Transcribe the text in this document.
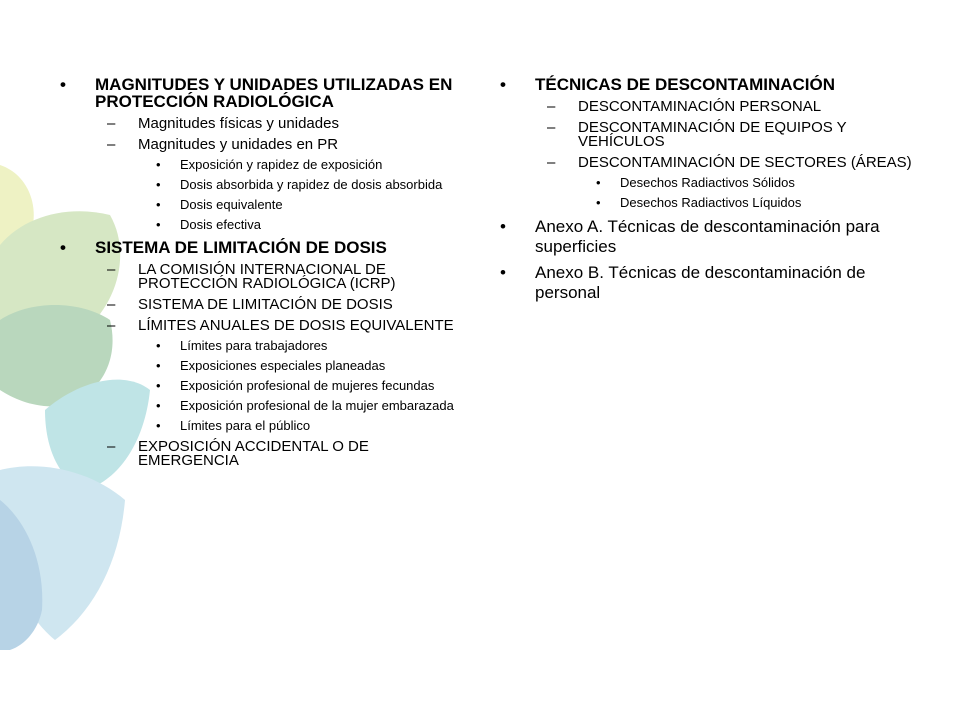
• MAGNITUDES Y UNIDADES UTILIZADAS EN PROTECCIÓN RADIOLÓGICA
– Magnitudes físicas y unidades
– Magnitudes y unidades en PR
• Exposición y rapidez de exposición
• Dosis absorbida y rapidez de dosis absorbida
• Dosis equivalente
• Dosis efectiva
• SISTEMA DE LIMITACIÓN DE DOSIS
– LA COMISIÓN INTERNACIONAL DE PROTECCIÓN RADIOLÓGICA (ICRP)
– SISTEMA DE LIMITACIÓN DE DOSIS
– LÍMITES ANUALES DE DOSIS EQUIVALENTE
• Límites para trabajadores
• Exposiciones especiales planeadas
• Exposición profesional de mujeres fecundas
• Exposición profesional de la mujer embarazada
• Límites para el público
– EXPOSICIÓN ACCIDENTAL O DE EMERGENCIA
• TÉCNICAS DE DESCONTAMINACIÓN
– DESCONTAMINACIÓN PERSONAL
– DESCONTAMINACIÓN DE EQUIPOS Y VEHÍCULOS
– DESCONTAMINACIÓN DE SECTORES (ÁREAS)
• Desechos Radiactivos Sólidos
• Desechos Radiactivos Líquidos
• Anexo A. Técnicas de descontaminación para superficies
• Anexo B. Técnicas de descontaminación de personal
